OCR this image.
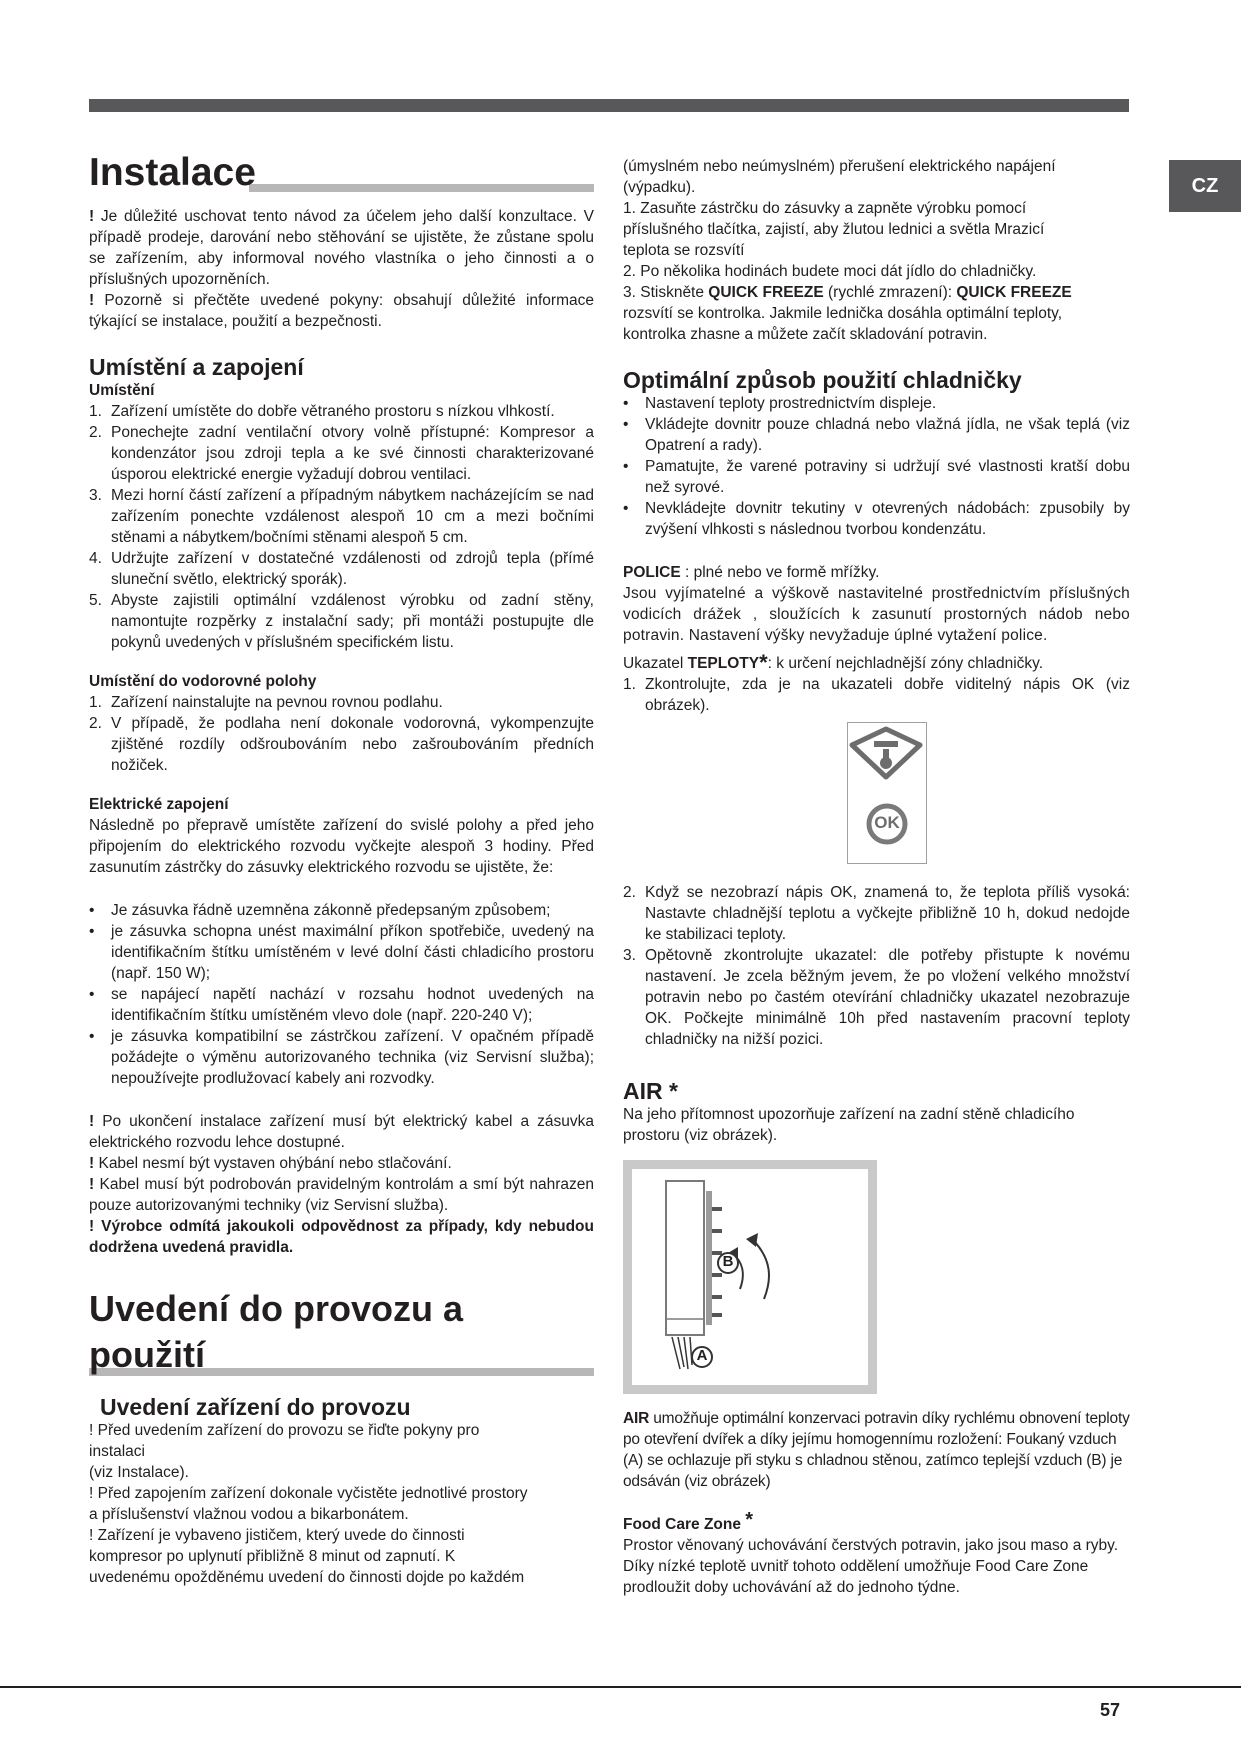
CZ
Instalace

! Je důležité uschovat tento návod za účelem jeho další konzultace. V případě prodeje, darování nebo stěhování se ujistěte, že zůstane spolu se zařízením, aby informoval nového vlastníka o jeho činnosti a o příslušných upozorněních.

! Pozorně si přečtěte uvedené pokyny: obsahují důležité informace týkající se instalace, použití a bezpečnosti.

Umístění a zapojení
Umístění
1. Zařízení umístěte do dobře větraného prostoru s nízkou vlhkostí.
2. Ponechejte zadní ventilační otvory volně přístupné: Kompresor a kondenzátor jsou zdroji tepla a ke své činnosti charakterizované úsporou elektrické energie vyžadují dobrou ventilaci.
3. Mezi horní částí zařízení a případným nábytkem nacházejícím se nad zařízením ponechte vzdálenost alespoň 10 cm a mezi bočními stěnami a nábytkem/bočními stěnami alespoň 5 cm.
4. Udržujte zařízení v dostatečné vzdálenosti od zdrojů tepla (přímé sluneční světlo, elektrický sporák).
5. Abyste zajistili optimální vzdálenost výrobku od zadní stěny, namontujte rozpěrky z instalační sady; při montáži postupujte dle pokynů uvedených v příslušném specifickém listu.
Umístění do vodorovné polohy
1. Zařízení nainstalujte na pevnou rovnou podlahu.
2. V případě, že podlaha není dokonale vodorovná, vykompenzujte zjištěné rozdíly odšroubováním nebo zašroubováním předních nožiček.
Elektrické zapojení

Následně po přepravě umístěte zařízení do svislé polohy a před jeho připojením do elektrického rozvodu vyčkejte alespoň 3 hodiny. Před zasunutím zástrčky do zásuvky elektrického rozvodu se ujistěte, že:

• Je zásuvka řádně uzemněna zákonně předepsaným způsobem;
• je zásuvka schopna unést maximální příkon spotřebiče, uvedený na identifikačním štítku umístěném v levé dolní části chladicího prostoru (např. 150 W);
• se napájecí napětí nachází v rozsahu hodnot uvedených na identifikačním štítku umístěném vlevo dole (např. 220-240 V);
• je zásuvka kompatibilní se zástrčkou zařízení. V opačném případě požádejte o výměnu autorizovaného technika (viz Servisní služba); nepoužívejte prodlužovací kabely ani rozvodky.

! Po ukončení instalace zařízení musí být elektrický kabel a zásuvka elektrického rozvodu lehce dostupné.

! Kabel nesmí být vystaven ohýbání nebo stlačování.

! Kabel musí být podrobován pravidelným kontrolám a smí být nahrazen pouze autorizovanými techniky (viz Servisní služba).

! Výrobce odmítá jakoukoli odpovědnost za případy, kdy nebudou dodržena uvedená pravidla.

Uvedení do provozu a
použití
Uvedení zařízení do provozu

! Před uvedením zařízení do provozu se řiďte pokyny pro

instalaci

(viz Instalace).

! Před zapojením zařízení dokonale vyčistěte jednotlivé prostory

a příslušenství vlažnou vodou a bikarbonátem.

! Zařízení je vybaveno jističem, který uvede do činnosti

kompresor po uplynutí přibližně 8 minut od zapnutí. K

uvedenému opožděnému uvedení do činnosti dojde po každém

(úmyslném nebo neúmyslném) přerušení elektrického napájení

(výpadku).

1. Zasuňte zástrčku do zásuvky a zapněte výrobku pomocí

příslušného tlačítka, zajistí, aby žlutou lednici a světla Mrazicí

teplota se rozsvítí

2. Po několika hodinách budete moci dát jídlo do chladničky.

3. Stiskněte QUICK FREEZE (rychlé zmrazení): QUICK FREEZE

rozsvítí se kontrolka. Jakmile lednička dosáhla optimální teploty,

kontrolka zhasne a můžete začít skladování potravin.

Optimální způsob použití chladničky
• Nastavení teploty prostrednictvím displeje.
• Vkládejte dovnitr pouze chladná nebo vlažná jídla, ne však teplá (viz Opatrení a rady).
• Pamatujte, že varené potraviny si udržují své vlastnosti kratší dobu než syrové.
• Nevkládejte dovnitr tekutiny v otevrených nádobách: zpusobily by zvýšení vlhkosti s následnou tvorbou kondenzátu.

POLICE : plné nebo ve formě mřížky.

Jsou vyjímatelné a výškově nastavitelné prostřednictvím příslušných vodicích drážek , sloužících k zasunutí prostorných nádob nebo potravin. Nastavení výšky nevyžaduje úplné vytažení police.

Ukazatel TEPLOTY*: k určení nejchladnější zóny chladničky.

1. Zkontrolujte, zda je na ukazateli dobře viditelný nápis OK (viz obrázek).
OK
2. Když se nezobrazí nápis OK, znamená to, že teplota příliš vysoká: Nastavte chladnější teplotu a vyčkejte přibližně 10 h, dokud nedojde ke stabilizaci teploty.
3. Opětovně zkontrolujte ukazatel: dle potřeby přistupte k novému nastavení. Je zcela běžným jevem, že po vložení velkého množství potravin nebo po častém otevírání chladničky ukazatel nezobrazuje OK. Počkejte minimálně 10h před nastavením pracovní teploty chladničky na nižší pozici.
AIR *

Na jeho přítomnost upozorňuje zařízení na zadní stěně chladicího prostoru (viz obrázek).

B
A

AIR umožňuje optimální konzervaci potravin díky rychlému obnovení teploty po otevření dvířek a díky jejímu homogennímu rozložení: Foukaný vzduch (A) se ochlazuje při styku s chladnou stěnou, zatímco teplejší vzduch (B) je odsáván (viz obrázek)

Food Care Zone *

Prostor věnovaný uchovávání čerstvých potravin, jako jsou maso a ryby. Díky nízké teplotě uvnitř tohoto oddělení umožňuje Food Care Zone prodloužit doby uchovávání až do jednoho týdne.

57
